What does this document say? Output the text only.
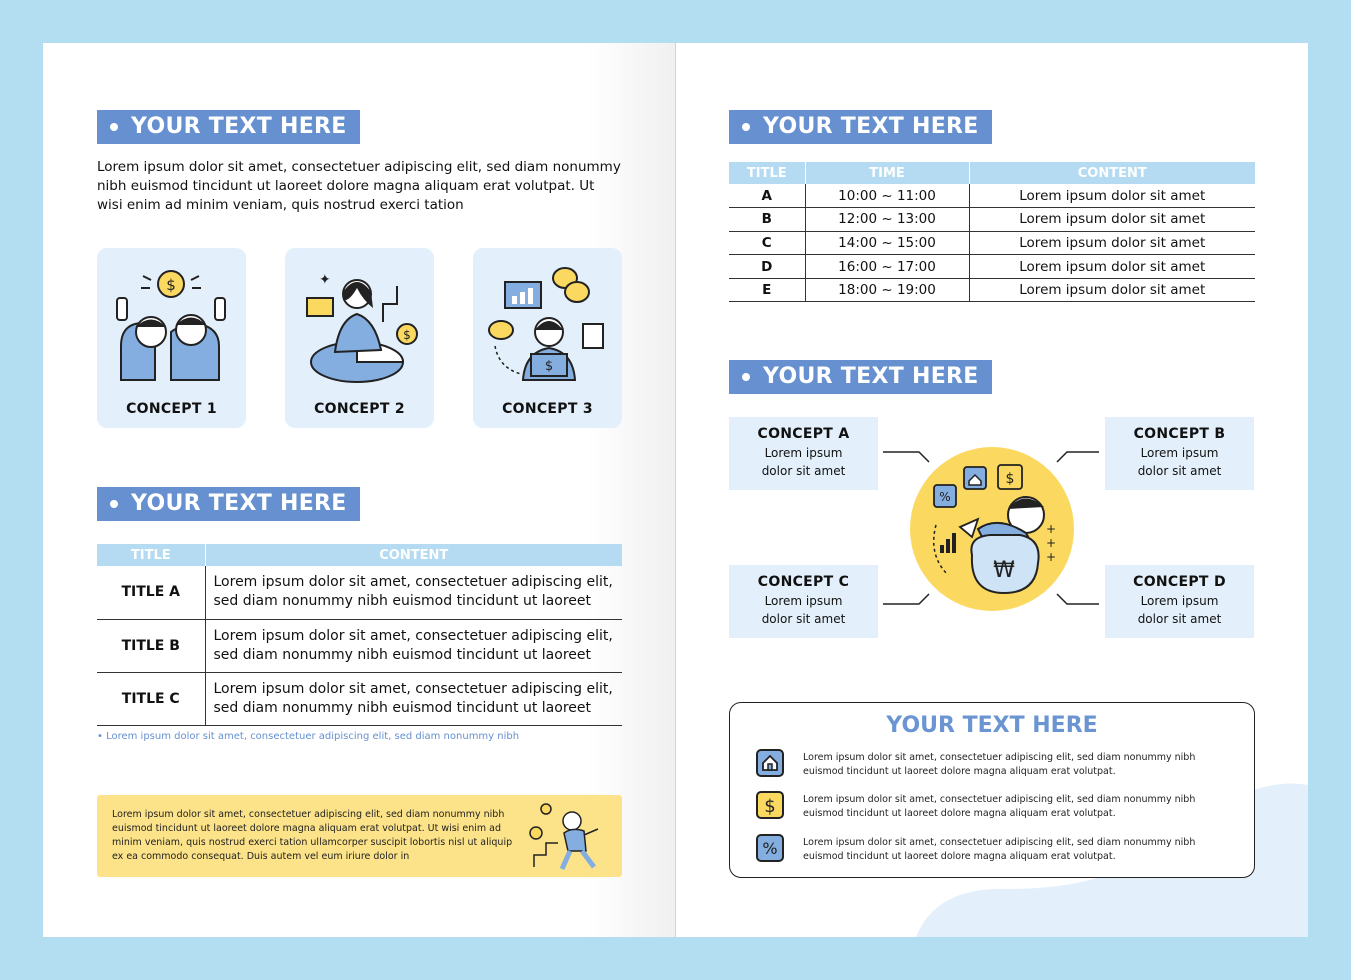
YOUR TEXT HERE
Lorem ipsum dolor sit amet, consectetuer adipiscing elit, sed diam nonummy nibh euismod tincidunt ut laoreet dolore magna aliquam erat volutpat. Ut wisi enim ad minim veniam, quis nostrud exerci tation
$
CONCEPT 1
$
✦
CONCEPT 2
$
CONCEPT 3
YOUR TEXT HERE
TITLE	CONTENT
TITLE A	Lorem ipsum dolor sit amet, consectetuer adipiscing elit, sed diam nonummy nibh euismod tincidunt ut laoreet
TITLE B	Lorem ipsum dolor sit amet, consectetuer adipiscing elit, sed diam nonummy nibh euismod tincidunt ut laoreet
TITLE C	Lorem ipsum dolor sit amet, consectetuer adipiscing elit, sed diam nonummy nibh euismod tincidunt ut laoreet
• Lorem ipsum dolor sit amet, consectetuer adipiscing elit, sed diam nonummy nibh
Lorem ipsum dolor sit amet, consectetuer adipiscing elit, sed diam nonummy nibh euismod tincidunt ut laoreet dolore magna aliquam erat volutpat. Ut wisi enim ad minim veniam, quis nostrud exerci tation ullamcorper suscipit lobortis nisl ut aliquip ex ea commodo consequat. Duis autem vel eum iriure dolor in
YOUR TEXT HERE
TITLE	TIME	CONTENT
A	10:00 ~ 11:00	Lorem ipsum dolor sit amet
B	12:00 ~ 13:00	Lorem ipsum dolor sit amet
C	14:00 ~ 15:00	Lorem ipsum dolor sit amet
D	16:00 ~ 17:00	Lorem ipsum dolor sit amet
E	18:00 ~ 19:00	Lorem ipsum dolor sit amet
YOUR TEXT HERE
CONCEPT A
Lorem ipsum dolor sit amet
CONCEPT B
Lorem ipsum dolor sit amet
CONCEPT C
Lorem ipsum dolor sit amet
CONCEPT D
Lorem ipsum dolor sit amet
%
$
₩
+
+
+
YOUR TEXT HERE
Lorem ipsum dolor sit amet, consectetuer adipiscing elit, sed diam nonummy nibh euismod tincidunt ut laoreet dolore magna aliquam erat volutpat.
$	Lorem ipsum dolor sit amet, consectetuer adipiscing elit, sed diam nonummy nibh euismod tincidunt ut laoreet dolore magna aliquam erat volutpat.
%	Lorem ipsum dolor sit amet, consectetuer adipiscing elit, sed diam nonummy nibh euismod tincidunt ut laoreet dolore magna aliquam erat volutpat.
